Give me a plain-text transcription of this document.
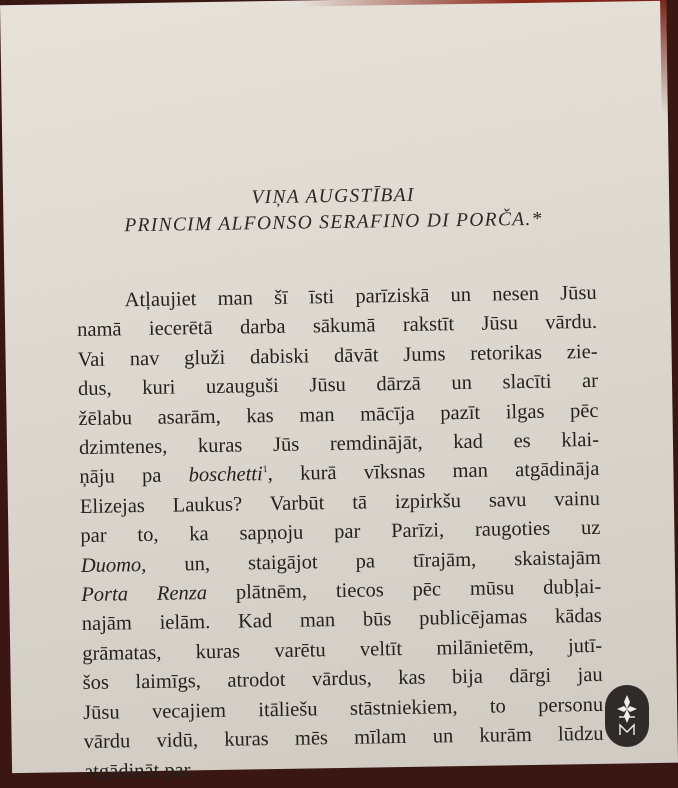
VIŅA AUGSTĪBAI

PRINCIM ALFONSO SERAFINO DI PORČA.*

Atļaujiet man šī īsti parīziskā un nesen Jūsu
namā iecerētā darba sākumā rakstīt Jūsu vārdu.
Vai nav gluži dabiski dāvāt Jums retorikas zie-
dus, kuri uzauguši Jūsu dārzā un slacīti ar
žēlabu asarām, kas man mācīja pazīt ilgas pēc
dzimtenes, kuras Jūs remdinājāt, kad es klai-
ņāju pa boschetti$^1$, kurā vīksnas man atgādināja
Elizejas Laukus? Varbūt tā izpirkšu savu vainu
par to, ka sapņoju par Parīzi, raugoties uz
Duomo, un, staigājot pa tīrajām, skaistajām
Porta Renza plātnēm, tiecos pēc mūsu dubļai-
najām ielām. Kad man būs publicējamas kādas
grāmatas, kuras varētu veltīt milānietēm, jutī-
šos laimīgs, atrodot vārdus, kas bija dārgi jau
Jūsu vecajiem itāliešu stāstniekiem, to personu
vārdu vidū, kuras mēs mīlam un kurām lūdzu
atgādināt par
